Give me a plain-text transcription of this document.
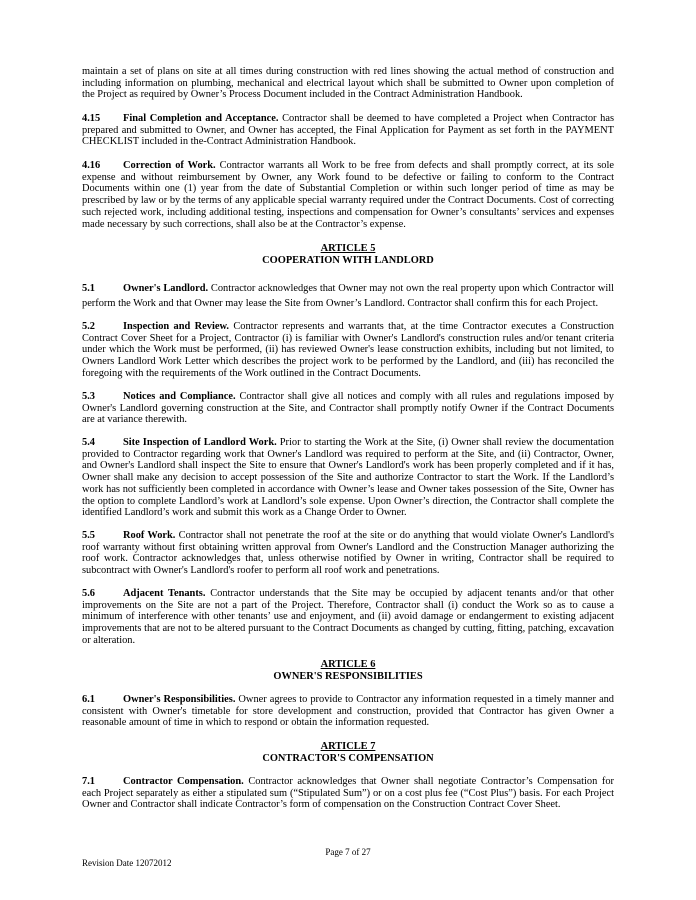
maintain a set of plans on site at all times during construction with red lines showing the actual method of construction and including information on plumbing, mechanical and electrical layout which shall be submitted to Owner upon completion of the Project as required by Owner’s Process Document included in the Contract Administration Handbook.

4.15 Final Completion and Acceptance. Contractor shall be deemed to have completed a Project when Contractor has prepared and submitted to Owner, and Owner has accepted, the Final Application for Payment as set forth in the PAYMENT CHECKLIST included in the-Contract Administration Handbook.

4.16 Correction of Work. Contractor warrants all Work to be free from defects and shall promptly correct, at its sole expense and without reimbursement by Owner, any Work found to be defective or failing to conform to the Contract Documents within one (1) year from the date of Substantial Completion or within such longer period of time as may be prescribed by law or by the terms of any applicable special warranty required under the Contract Documents. Cost of correcting such rejected work, including additional testing, inspections and compensation for Owner’s consultants’ services and expenses made necessary by such corrections, shall also be at the Contractor’s expense.

ARTICLE 5
COOPERATION WITH LANDLORD

5.1	Owner's Landlord. Contractor acknowledges that Owner may not own the real property upon which Contractor will perform the Work and that Owner may lease the Site from Owner’s Landlord. Contractor shall confirm this for each Project.

5.2	Inspection and Review. Contractor represents and warrants that, at the time Contractor executes a Construction Contract Cover Sheet for a Project, Contractor (i) is familiar with Owner's Landlord's construction rules and/or tenant criteria under which the Work must be performed, (ii) has reviewed Owner's lease construction exhibits, including but not limited, to Owners Landlord Work Letter which describes the project work to be performed by the Landlord, and (iii) has reconciled the foregoing with the requirements of the Work outlined in the Contract Documents.

5.3	Notices and Compliance. Contractor shall give all notices and comply with all rules and regulations imposed by Owner's Landlord governing construction at the Site, and Contractor shall promptly notify Owner if the Contract Documents are at variance therewith.

5.4	Site Inspection of Landlord Work. Prior to starting the Work at the Site, (i) Owner shall review the documentation provided to Contractor regarding work that Owner's Landlord was required to perform at the Site, and (ii) Contractor, Owner, and Owner's Landlord shall inspect the Site to ensure that Owner's Landlord's work has been properly completed and if it has, Owner shall make any decision to accept possession of the Site and authorize Contractor to start the Work. If the Landlord’s work has not sufficiently been completed in accordance with Owner’s lease and Owner takes possession of the Site, Owner has the option to complete Landlord’s work at Landlord’s sole expense. Upon Owner’s direction, the Contractor shall complete the identified Landlord’s work and submit this work as a Change Order to Owner.

5.5	Roof Work. Contractor shall not penetrate the roof at the site or do anything that would violate Owner's Landlord's roof warranty without first obtaining written approval from Owner's Landlord and the Construction Manager authorizing the roof work. Contractor acknowledges that, unless otherwise notified by Owner in writing, Contractor shall be required to subcontract with Owner's Landlord's roofer to perform all roof work and penetrations.

5.6	Adjacent Tenants. Contractor understands that the Site may be occupied by adjacent tenants and/or that other improvements on the Site are not a part of the Project. Therefore, Contractor shall (i) conduct the Work so as to cause a minimum of interference with other tenants’ use and enjoyment, and (ii) avoid damage or endangerment to existing adjacent improvements that are not to be altered pursuant to the Contract Documents as changed by cutting, fitting, patching, excavation or alteration.

ARTICLE 6
OWNER'S RESPONSIBILITIES

6.1	Owner's Responsibilities. Owner agrees to provide to Contractor any information requested in a timely manner and consistent with Owner's timetable for store development and construction, provided that Contractor has given Owner a reasonable amount of time in which to respond or obtain the information requested.

ARTICLE 7
CONTRACTOR'S COMPENSATION

7.1	Contractor Compensation. Contractor acknowledges that Owner shall negotiate Contractor’s Compensation for each Project separately as either a stipulated sum (“Stipulated Sum”) or on a cost plus fee (“Cost Plus”) basis. For each Project Owner and Contractor shall indicate Contractor’s form of compensation on the Construction Contract Cover Sheet.

Page 7 of 27
Revision Date 12072012
